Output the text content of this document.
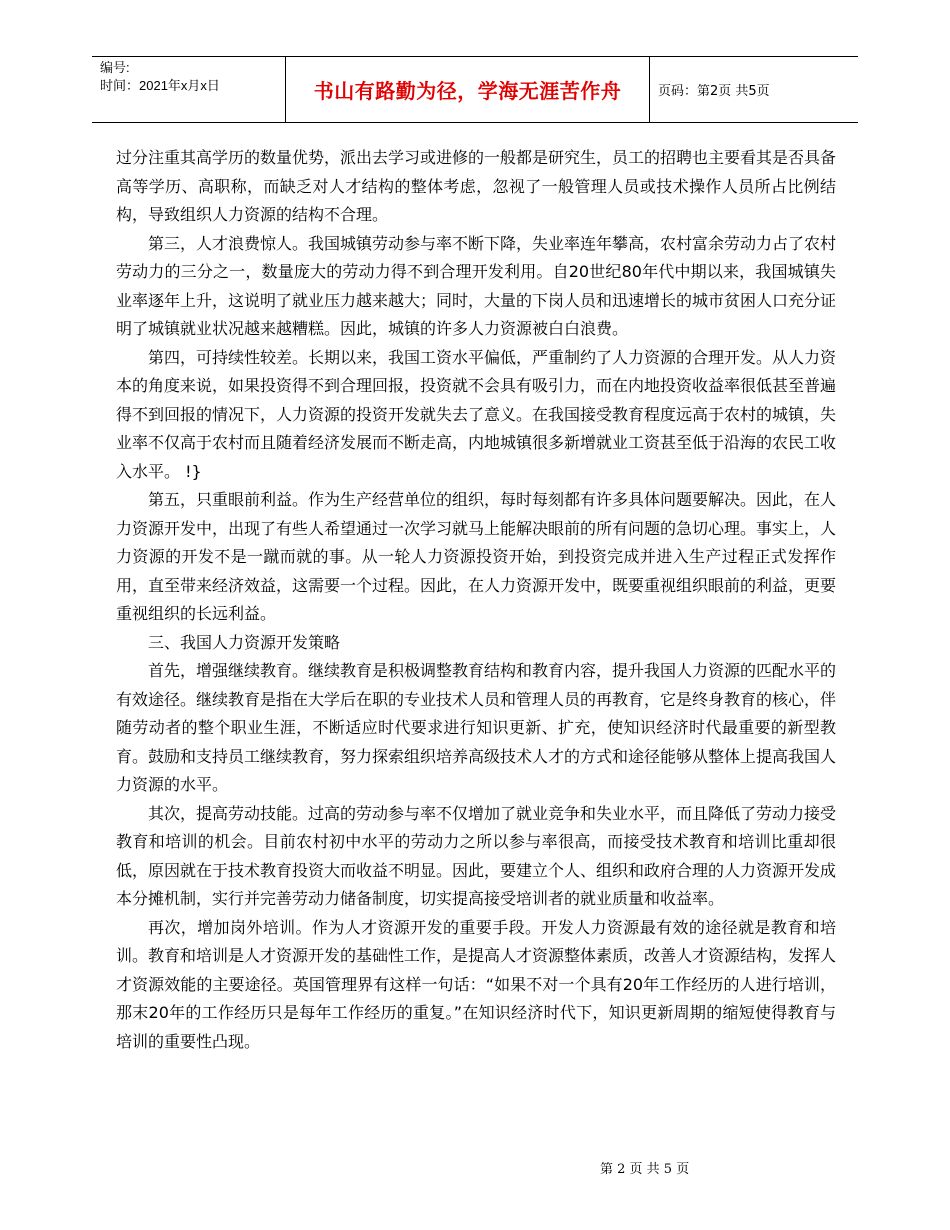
编号:
时间：2021年x月x日	书山有路勤为径，学海无涯苦作舟	页码：第2页 共5页

过分注重其高学历的数量优势，派出去学习或进修的一般都是研究生，员工的招聘也主要看其是否具备高等学历、高职称，而缺乏对人才结构的整体考虑，忽视了一般管理人员或技术操作人员所占比例结构，导致组织人力资源的结构不合理。

第三，人才浪费惊人。我国城镇劳动参与率不断下降，失业率连年攀高，农村富余劳动力占了农村劳动力的三分之一，数量庞大的劳动力得不到合理开发利用。自20世纪80年代中期以来，我国城镇失业率逐年上升，这说明了就业压力越来越大；同时，大量的下岗人员和迅速增长的城市贫困人口充分证明了城镇就业状况越来越糟糕。因此，城镇的许多人力资源被白白浪费。

第四，可持续性较差。长期以来，我国工资水平偏低，严重制约了人力资源的合理开发。从人力资本的角度来说，如果投资得不到合理回报，投资就不会具有吸引力，而在内地投资收益率很低甚至普遍得不到回报的情况下，人力资源的投资开发就失去了意义。在我国接受教育程度远高于农村的城镇，失业率不仅高于农村而且随着经济发展而不断走高，内地城镇很多新增就业工资甚至低于沿海的农民工收入水平。 !}

第五，只重眼前利益。作为生产经营单位的组织，每时每刻都有许多具体问题要解决。因此，在人力资源开发中，出现了有些人希望通过一次学习就马上能解决眼前的所有问题的急切心理。事实上，人力资源的开发不是一蹴而就的事。从一轮人力资源投资开始，到投资完成并进入生产过程正式发挥作用，直至带来经济效益，这需要一个过程。因此，在人力资源开发中，既要重视组织眼前的利益，更要重视组织的长远利益。

三、我国人力资源开发策略

首先，增强继续教育。继续教育是积极调整教育结构和教育内容，提升我国人力资源的匹配水平的有效途径。继续教育是指在大学后在职的专业技术人员和管理人员的再教育，它是终身教育的核心，伴随劳动者的整个职业生涯，不断适应时代要求进行知识更新、扩充，使知识经济时代最重要的新型教育。鼓励和支持员工继续教育，努力探索组织培养高级技术人才的方式和途径能够从整体上提高我国人力资源的水平。

其次，提高劳动技能。过高的劳动参与率不仅增加了就业竞争和失业水平，而且降低了劳动力接受教育和培训的机会。目前农村初中水平的劳动力之所以参与率很高，而接受技术教育和培训比重却很低，原因就在于技术教育投资大而收益不明显。因此，要建立个人、组织和政府合理的人力资源开发成本分摊机制，实行并完善劳动力储备制度，切实提高接受培训者的就业质量和收益率。

再次，增加岗外培训。作为人才资源开发的重要手段。开发人力资源最有效的途径就是教育和培训。教育和培训是人才资源开发的基础性工作，是提高人才资源整体素质，改善人才资源结构，发挥人才资源效能的主要途径。英国管理界有这样一句话：“如果不对一个具有20年工作经历的人进行培训，那末20年的工作经历只是每年工作经历的重复。”在知识经济时代下，知识更新周期的缩短使得教育与培训的重要性凸现。

第 2 页 共 5 页
